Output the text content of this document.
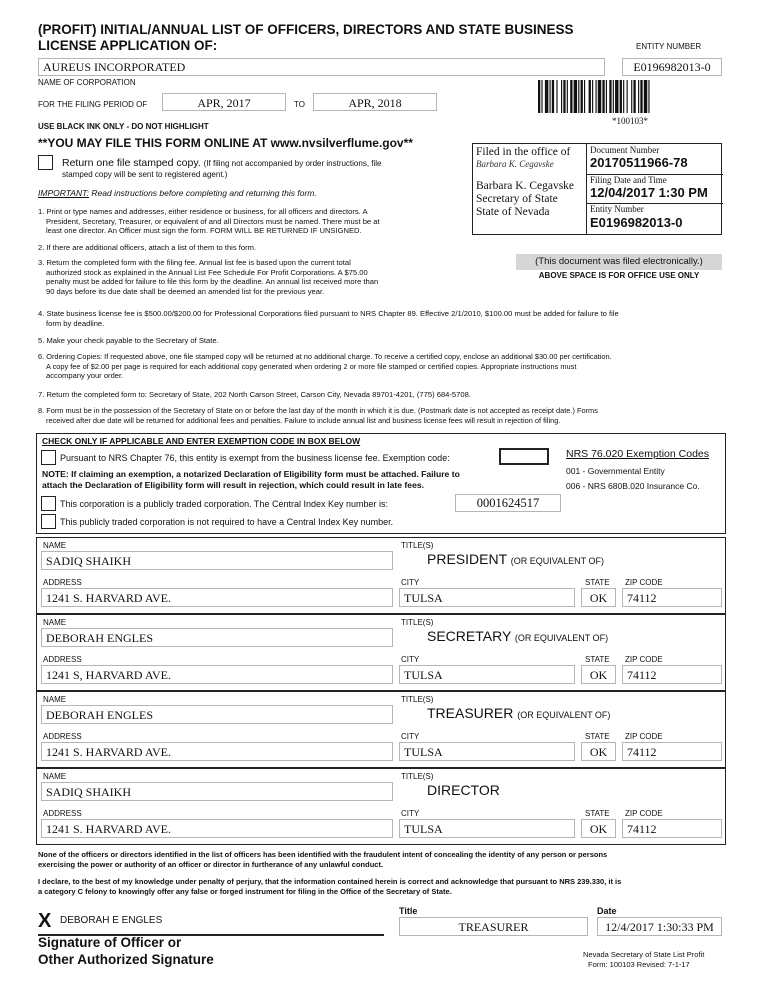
(PROFIT) INITIAL/ANNUAL LIST OF OFFICERS, DIRECTORS AND STATE BUSINESS
LICENSE APPLICATION OF:	ENTITY NUMBER
AUREUS INCORPORATED	E0196982013-0
NAME OF CORPORATION
FOR THE FILING PERIOD OF	APR, 2017	TO	APR, 2018
*100103*
USE BLACK INK ONLY - DO NOT HIGHLIGHT
**YOU MAY FILE THIS FORM ONLINE AT www.nvsilverflume.gov**
Return one file stamped copy. (If filing not accompanied by order instructions, file
stamped copy will be sent to registered agent.)
IMPORTANT: Read instructions before completing and returning this form.
Filed in the office of
Barbara K. Cegavske
Barbara K. Cegavske
Secretary of State
State of Nevada
Document Number
20170511966-78
Filing Date and Time
12/04/2017 1:30 PM
Entity Number
E0196982013-0
(This document was filed electronically.)
ABOVE SPACE IS FOR OFFICE USE ONLY
1. Print or type names and addresses, either residence or business, for all officers and directors. A
President, Secretary, Treasurer, or equivalent of and all Directors must be named. There must be at
least one director. An Officer must sign the form. FORM WILL BE RETURNED IF UNSIGNED.
2. If there are additional officers, attach a list of them to this form.
3. Return the completed form with the filing fee. Annual list fee is based upon the current total
authorized stock as explained in the Annual List Fee Schedule For Profit Corporations. A $75.00
penalty must be added for failure to file this form by the deadline. An annual list received more than
90 days before its due date shall be deemed an amended list for the previous year.
4. State business license fee is $500.00/$200.00 for Professional Corporations filed pursuant to NRS Chapter 89. Effective 2/1/2010, $100.00 must be added for failure to file
form by deadline.
5. Make your check payable to the Secretary of State.
6. Ordering Copies: If requested above, one file stamped copy will be returned at no additional charge. To receive a certified copy, enclose an additional $30.00 per certification.
A copy fee of $2.00 per page is required for each additional copy generated when ordering 2 or more file stamped or certified copies. Appropriate instructions must
accompany your order.
7. Return the completed form to: Secretary of State, 202 North Carson Street, Carson City, Nevada 89701-4201, (775) 684-5708.
8. Form must be in the possession of the Secretary of State on or before the last day of the month in which it is due. (Postmark date is not accepted as receipt date.) Forms
received after due date will be returned for additional fees and penalties. Failure to include annual list and business license fees will result in rejection of filing.
CHECK ONLY IF APPLICABLE AND ENTER EXEMPTION CODE IN BOX BELOW
Pursuant to NRS Chapter 76, this entity is exempt from the business license fee. Exemption code:
NOTE: If claiming an exemption, a notarized Declaration of Eligibility form must be attached. Failure to
attach the Declaration of Eligibility form will result in rejection, which could result in late fees.
NRS 76.020 Exemption Codes
001 - Governmental Entity
006 - NRS 680B.020 Insurance Co.
This corporation is a publicly traded corporation. The Central Index Key number is:	0001624517
This publicly traded corporation is not required to have a Central Index Key number.
NAME
SADIQ SHAIKH
TITLE(S)
PRESIDENT (OR EQUIVALENT OF)
ADDRESS
1241 S. HARVARD AVE.
CITY
TULSA
STATE
OK
ZIP CODE
74112
NAME
DEBORAH ENGLES
TITLE(S)
SECRETARY (OR EQUIVALENT OF)
ADDRESS
1241 S, HARVARD AVE.
CITY
TULSA
STATE
OK
ZIP CODE
74112
NAME
DEBORAH ENGLES
TITLE(S)
TREASURER (OR EQUIVALENT OF)
ADDRESS
1241 S. HARVARD AVE.
CITY
TULSA
STATE
OK
ZIP CODE
74112
NAME
SADIQ SHAIKH
TITLE(S)
DIRECTOR
ADDRESS
1241 S. HARVARD AVE.
CITY
TULSA
STATE
OK
ZIP CODE
74112
None of the officers or directors identified in the list of officers has been identified with the fraudulent intent of concealing the identity of any person or persons
exercising the power or authority of an officer or director in furtherance of any unlawful conduct.
I declare, to the best of my knowledge under penalty of perjury, that the information contained herein is correct and acknowledge that pursuant to NRS 239.330, it is
a category C felony to knowingly offer any false or forged instrument for filing in the Office of the Secretary of State.
X DEBORAH E ENGLES
Signature of Officer or
Other Authorized Signature
Title
TREASURER
Date
12/4/2017 1:30:33 PM
Nevada Secretary of State List Profit
Form: 100103 Revised: 7-1-17
